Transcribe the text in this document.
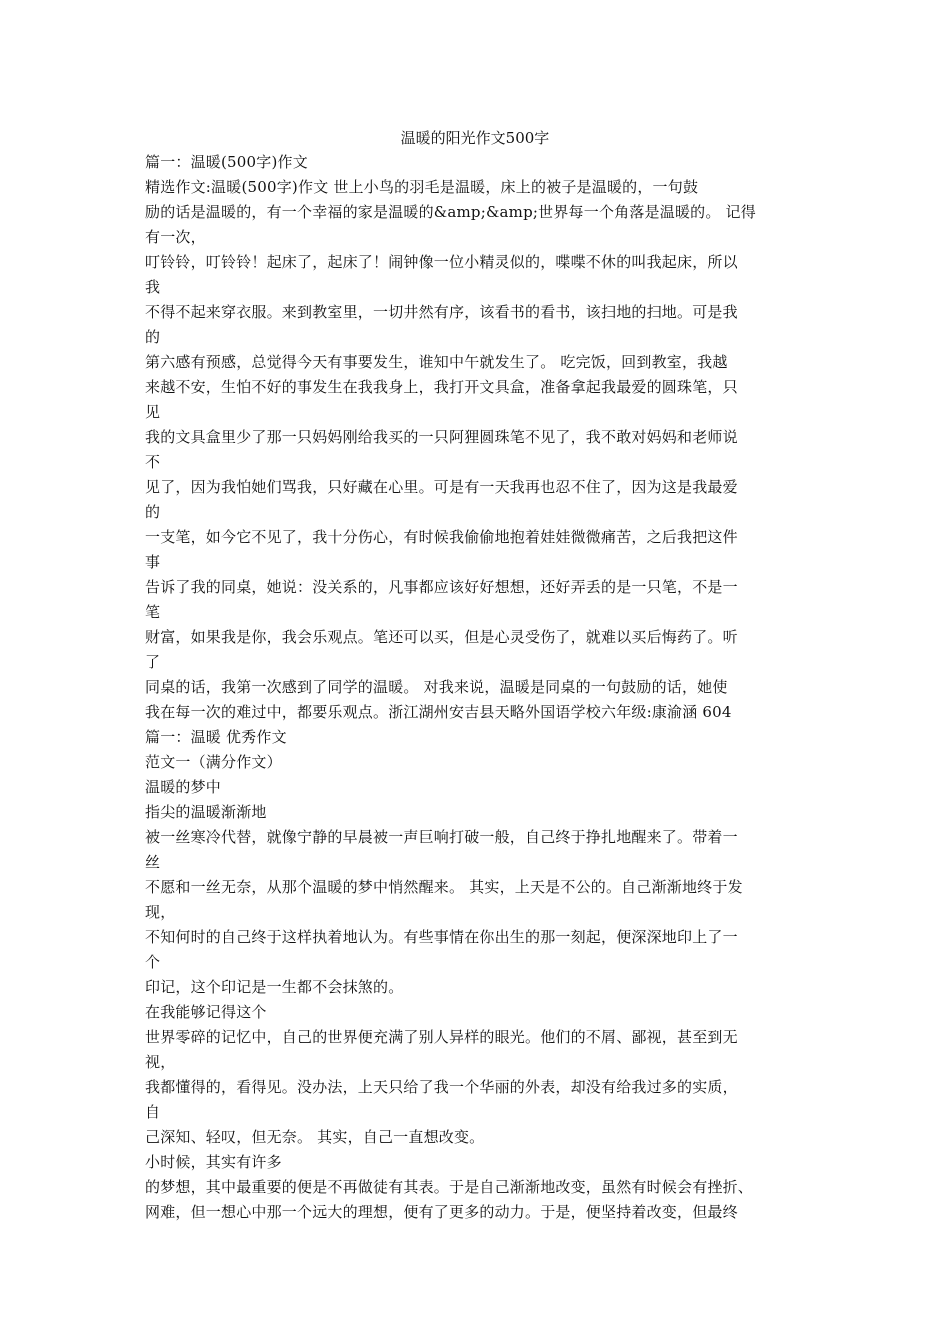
温暖的阳光作文500字
篇一：温暖(500字)作文
精选作文:温暖(500字)作文 世上小鸟的羽毛是温暖，床上的被子是温暖的，一句鼓
励的话是温暖的，有一个幸福的家是温暖的&amp;&amp;世界每一个角落是温暖的。 记得
有一次，
叮铃铃，叮铃铃！起床了，起床了！闹钟像一位小精灵似的，喋喋不休的叫我起床，所以
我
不得不起来穿衣服。来到教室里，一切井然有序，该看书的看书，该扫地的扫地。可是我
的
第六感有预感，总觉得今天有事要发生，谁知中午就发生了。 吃完饭，回到教室，我越
来越不安，生怕不好的事发生在我我身上，我打开文具盒，准备拿起我最爱的圆珠笔，只
见
我的文具盒里少了那一只妈妈刚给我买的一只阿狸圆珠笔不见了，我不敢对妈妈和老师说
不
见了，因为我怕她们骂我，只好藏在心里。可是有一天我再也忍不住了，因为这是我最爱
的
一支笔，如今它不见了，我十分伤心，有时候我偷偷地抱着娃娃微微痛苦，之后我把这件
事
告诉了我的同桌，她说：没关系的，凡事都应该好好想想，还好弄丢的是一只笔，不是一
笔
财富，如果我是你，我会乐观点。笔还可以买，但是心灵受伤了，就难以买后悔药了。听
了
同桌的话，我第一次感到了同学的温暖。 对我来说，温暖是同桌的一句鼓励的话，她使
我在每一次的难过中，都要乐观点。浙江湖州安吉县天略外国语学校六年级:康渝涵 604
篇一：温暖 优秀作文
范文一（满分作文）
温暖的梦中
指尖的温暖渐渐地
被一丝寒冷代替，就像宁静的早晨被一声巨响打破一般，自己终于挣扎地醒来了。带着一
丝
不愿和一丝无奈，从那个温暖的梦中悄然醒来。 其实，上天是不公的。自己渐渐地终于发
现，
不知何时的自己终于这样执着地认为。有些事情在你出生的那一刻起，便深深地印上了一
个
印记，这个印记是一生都不会抹煞的。
在我能够记得这个
世界零碎的记忆中，自己的世界便充满了别人异样的眼光。他们的不屑、鄙视，甚至到无
视，
我都懂得的，看得见。没办法，上天只给了我一个华丽的外表，却没有给我过多的实质，
自
己深知、轻叹，但无奈。 其实，自己一直想改变。
小时候，其实有许多
的梦想，其中最重要的便是不再做徒有其表。于是自己渐渐地改变，虽然有时候会有挫折、
网难，但一想心中那一个远大的理想，便有了更多的动力。于是，便坚持着改变，但最终
